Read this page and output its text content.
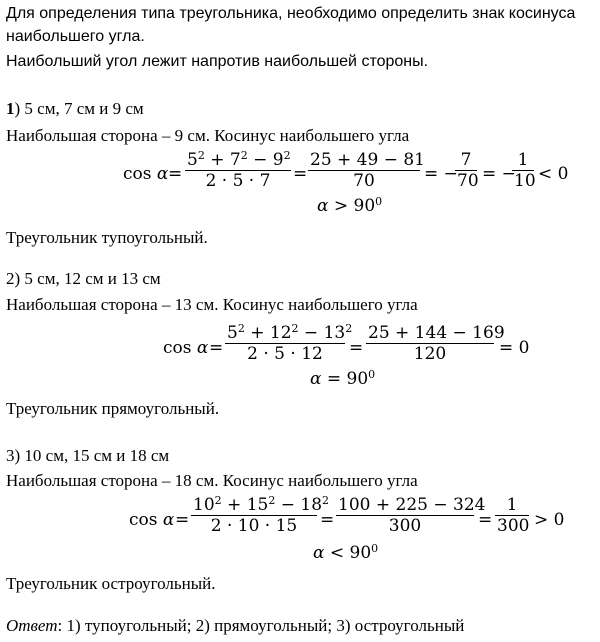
Для определения типа треугольника, необходимо определить знак косинуса
наибольшего угла.
Наибольший угол лежит напротив наибольшей стороны.
1) 5 см, 7 см и 9 см
Наибольшая сторона – 9 см. Косинус наибольшего угла
cos α =
$5^2 + 7^2 - 9^2$
2 · 5 · 7	=
25 + 49 − 81
70	= −
7
70 = −
1
10 < 0
$\alpha > 90^0$
Треугольник тупоугольный.
2) 5 см, 12 см и 13 см
Наибольшая сторона – 13 см. Косинус наибольшего угла
cos α =
$5^2 + 12^2 - 13^2$
2 · 5 · 12	=
25 + 144 − 169
120	= 0
$\alpha = 90^0$
Треугольник прямоугольный.
3) 10 см, 15 см и 18 см
Наибольшая сторона – 18 см. Косинус наибольшего угла
cos α =
$10^2 + 15^2 - 18^2$
2 · 10 · 15	=
100 + 225 − 324
300	=
1
300 > 0
$\alpha < 90^0$
Треугольник остроугольный.
Ответ: 1) тупоугольный; 2) прямоугольный; 3) остроугольный
